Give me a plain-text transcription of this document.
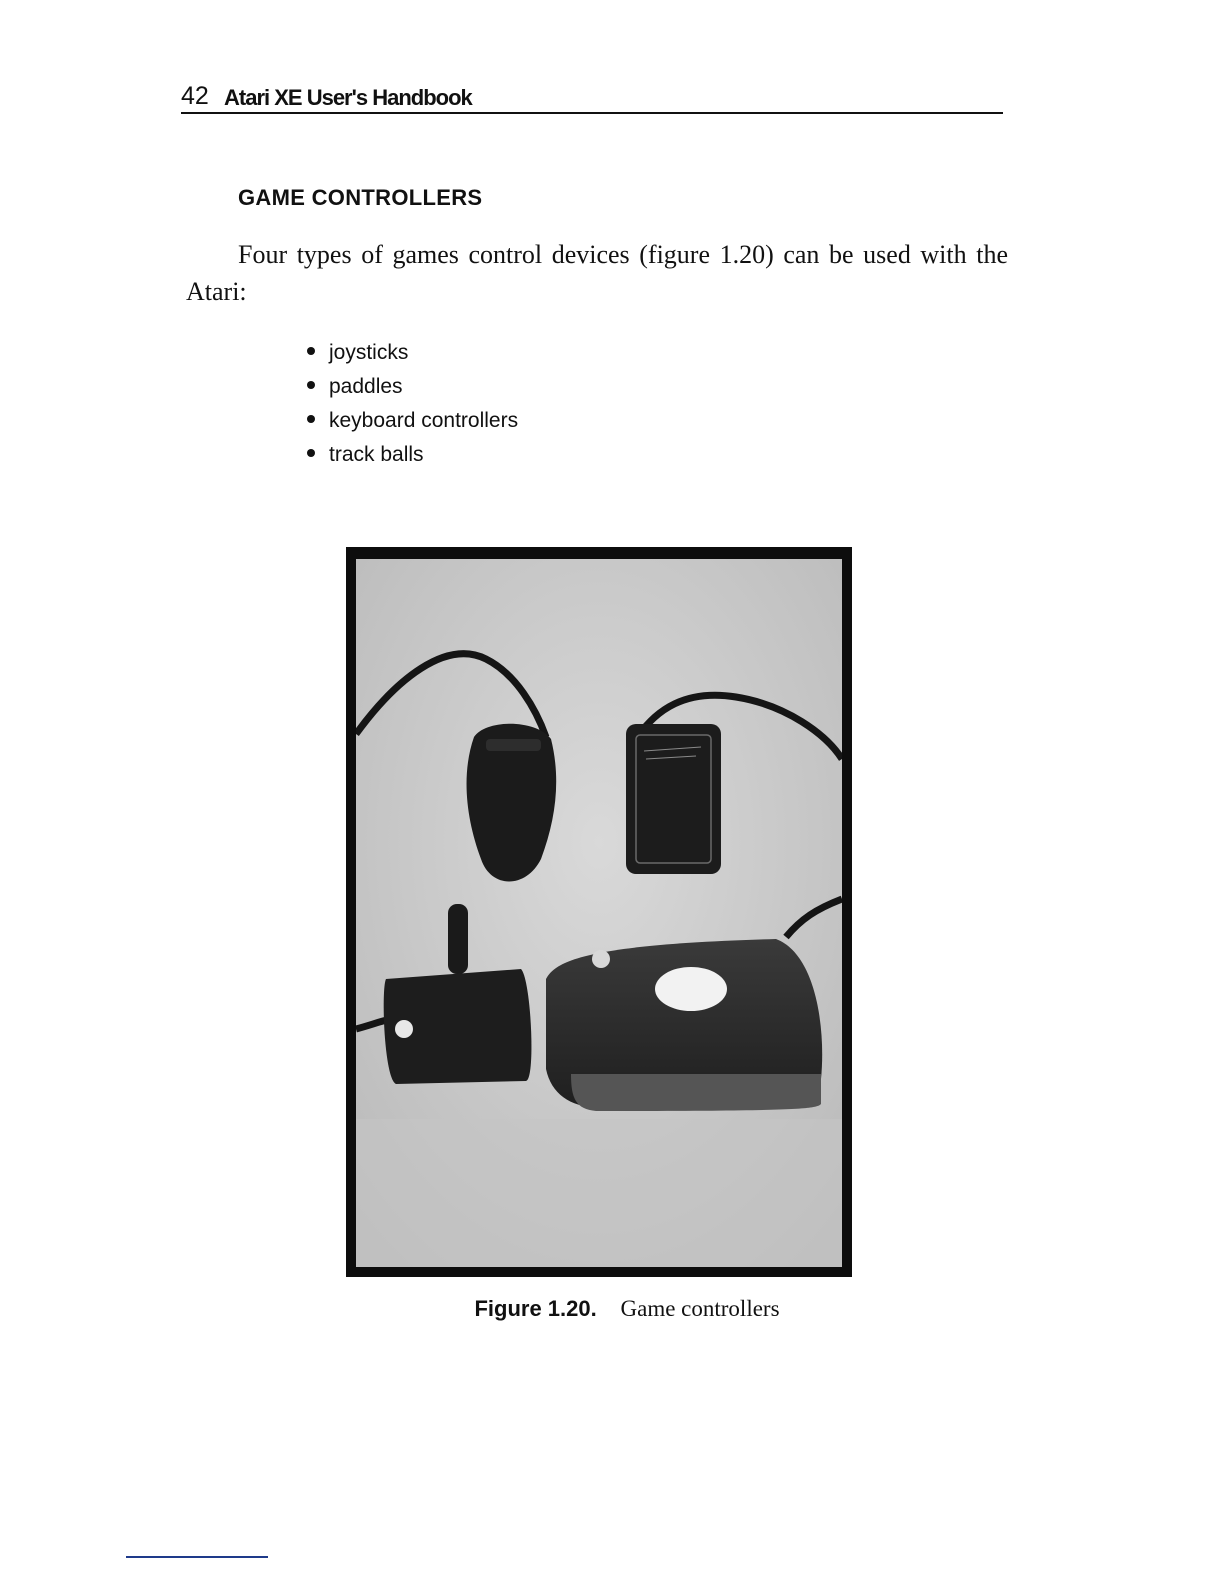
42 Atari XE User's Handbook
GAME CONTROLLERS

Four types of games control devices (figure 1.20) can be used with the Atari:

joysticks
paddles
keyboard controllers
track balls
Figure 1.20. Game controllers
